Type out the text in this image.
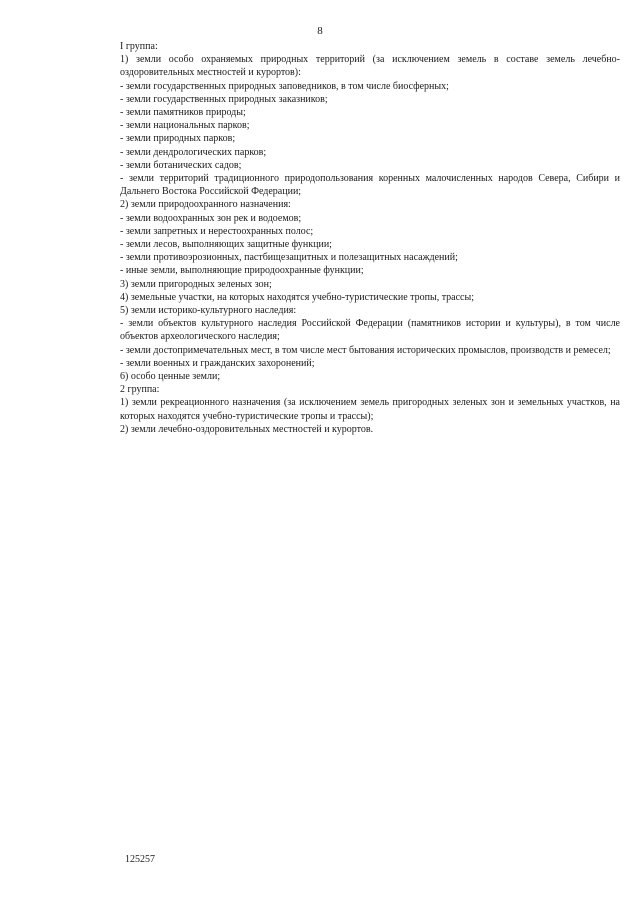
8

I группа:

1) земли особо охраняемых природных территорий (за исключением земель в составе земель лечебно-оздоровительных местностей и курортов):

- земли государственных природных заповедников, в том числе биосферных;

- земли государственных природных заказников;

- земли памятников природы;

- земли национальных парков;

- земли природных парков;

- земли дендрологических парков;

- земли ботанических садов;

- земли территорий традиционного природопользования коренных малочисленных народов Севера, Сибири и Дальнего Востока Российской Федерации;

2) земли природоохранного назначения:

- земли водоохранных зон рек и водоемов;

- земли запретных и нерестоохранных полос;

- земли лесов, выполняющих защитные функции;

- земли противоэрозионных, пастбищезащитных и полезащитных насаждений;

- иные земли, выполняющие природоохранные функции;

3) земли пригородных зеленых зон;

4) земельные участки, на которых находятся учебно-туристические тропы, трассы;

5) земли историко-культурного наследия:

- земли объектов культурного наследия Российской Федерации (памятников истории и культуры), в том числе объектов археологического наследия;

- земли достопримечательных мест, в том числе мест бытования исторических промыслов, производств и ремесел;

- земли военных и гражданских захоронений;

6) особо ценные земли;

2 группа:

1) земли рекреационного назначения (за исключением земель пригородных зеленых зон и земельных участков, на которых находятся учебно-туристические тропы и трассы);

2) земли лечебно-оздоровительных местностей и курортов.

125257
